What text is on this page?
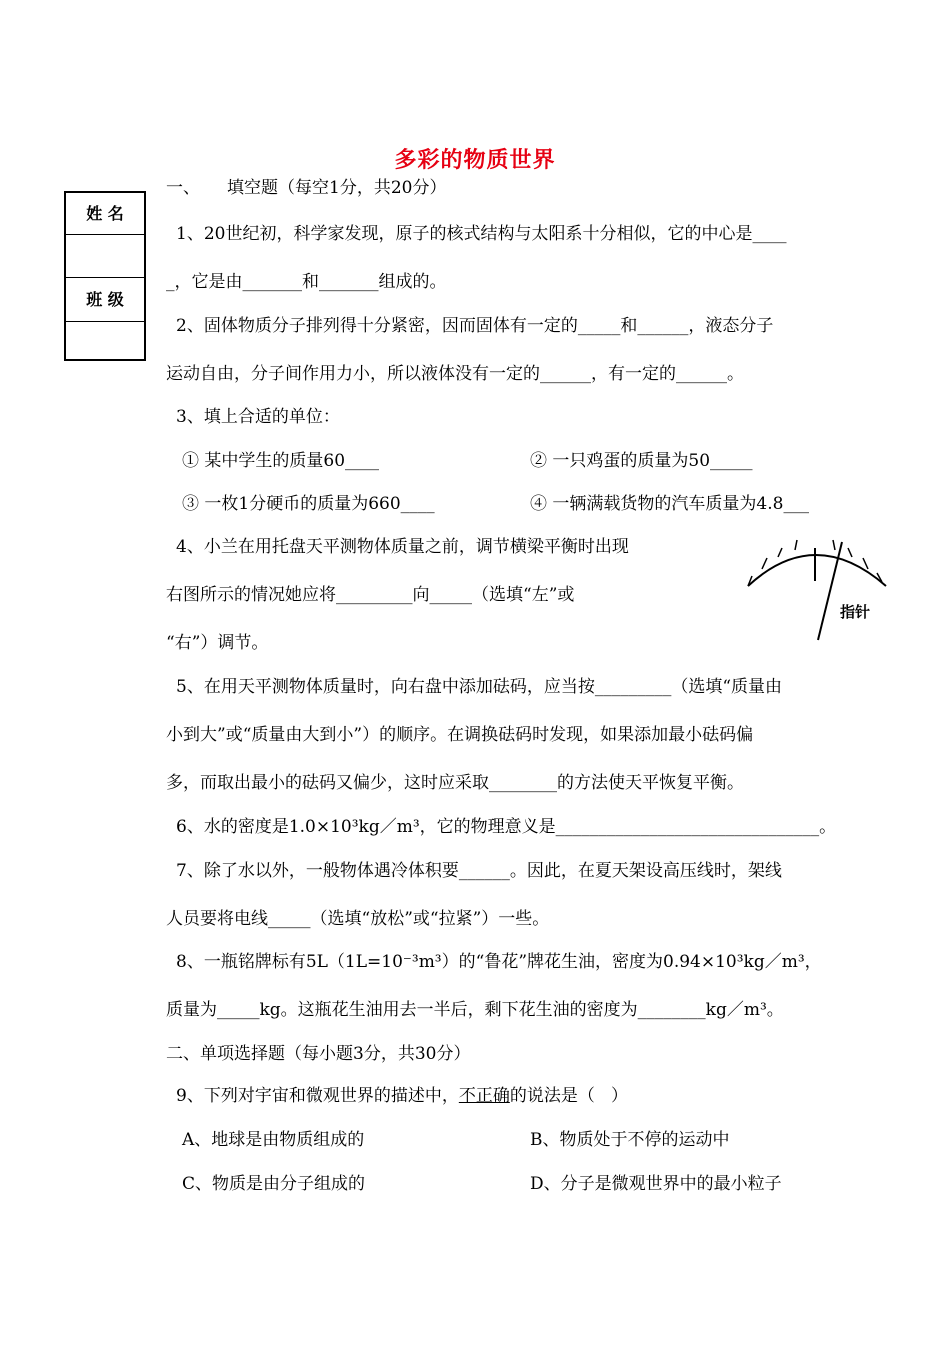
多彩的物质世界
姓 名
班 级
一、     填空题（每空1分，共20分）
1、20世纪初，科学家发现，原子的核式结构与太阳系十分相似，它的中心是____
_，它是由_______和_______组成的。
2、固体物质分子排列得十分紧密，因而固体有一定的_____和______，液态分子
运动自由，分子间作用力小，所以液体没有一定的______，有一定的______。
3、填上合适的单位：
① 某中学生的质量60____	② 一只鸡蛋的质量为50_____
③ 一枚1分硬币的质量为660____	④ 一辆满载货物的汽车质量为4.8___
4、小兰在用托盘天平测物体质量之前，调节横梁平衡时出现
右图所示的情况她应将_________向_____（选填“左”或
“右”）调节。
指针
5、在用天平测物体质量时，向右盘中添加砝码，应当按_________（选填“质量由
小到大”或“质量由大到小”）的顺序。在调换砝码时发现，如果添加最小砝码偏
多，而取出最小的砝码又偏少，这时应采取________的方法使天平恢复平衡。
6、水的密度是1.0×10³kg／m³，它的物理意义是_______________________________。
7、除了水以外，一般物体遇冷体积要______。因此，在夏天架设高压线时，架线
人员要将电线_____（选填“放松”或“拉紧”）一些。
8、一瓶铭牌标有5L（1L=10⁻³m³）的“鲁花”牌花生油，密度为0.94×10³kg／m³，
质量为_____kg。这瓶花生油用去一半后，剩下花生油的密度为________kg／m³。
二、单项选择题（每小题3分，共30分）
9、下列对宇宙和微观世界的描述中，不正确的说法是（   ）
A、地球是由物质组成的	B、物质处于不停的运动中
C、物质是由分子组成的	D、分子是微观世界中的最小粒子
